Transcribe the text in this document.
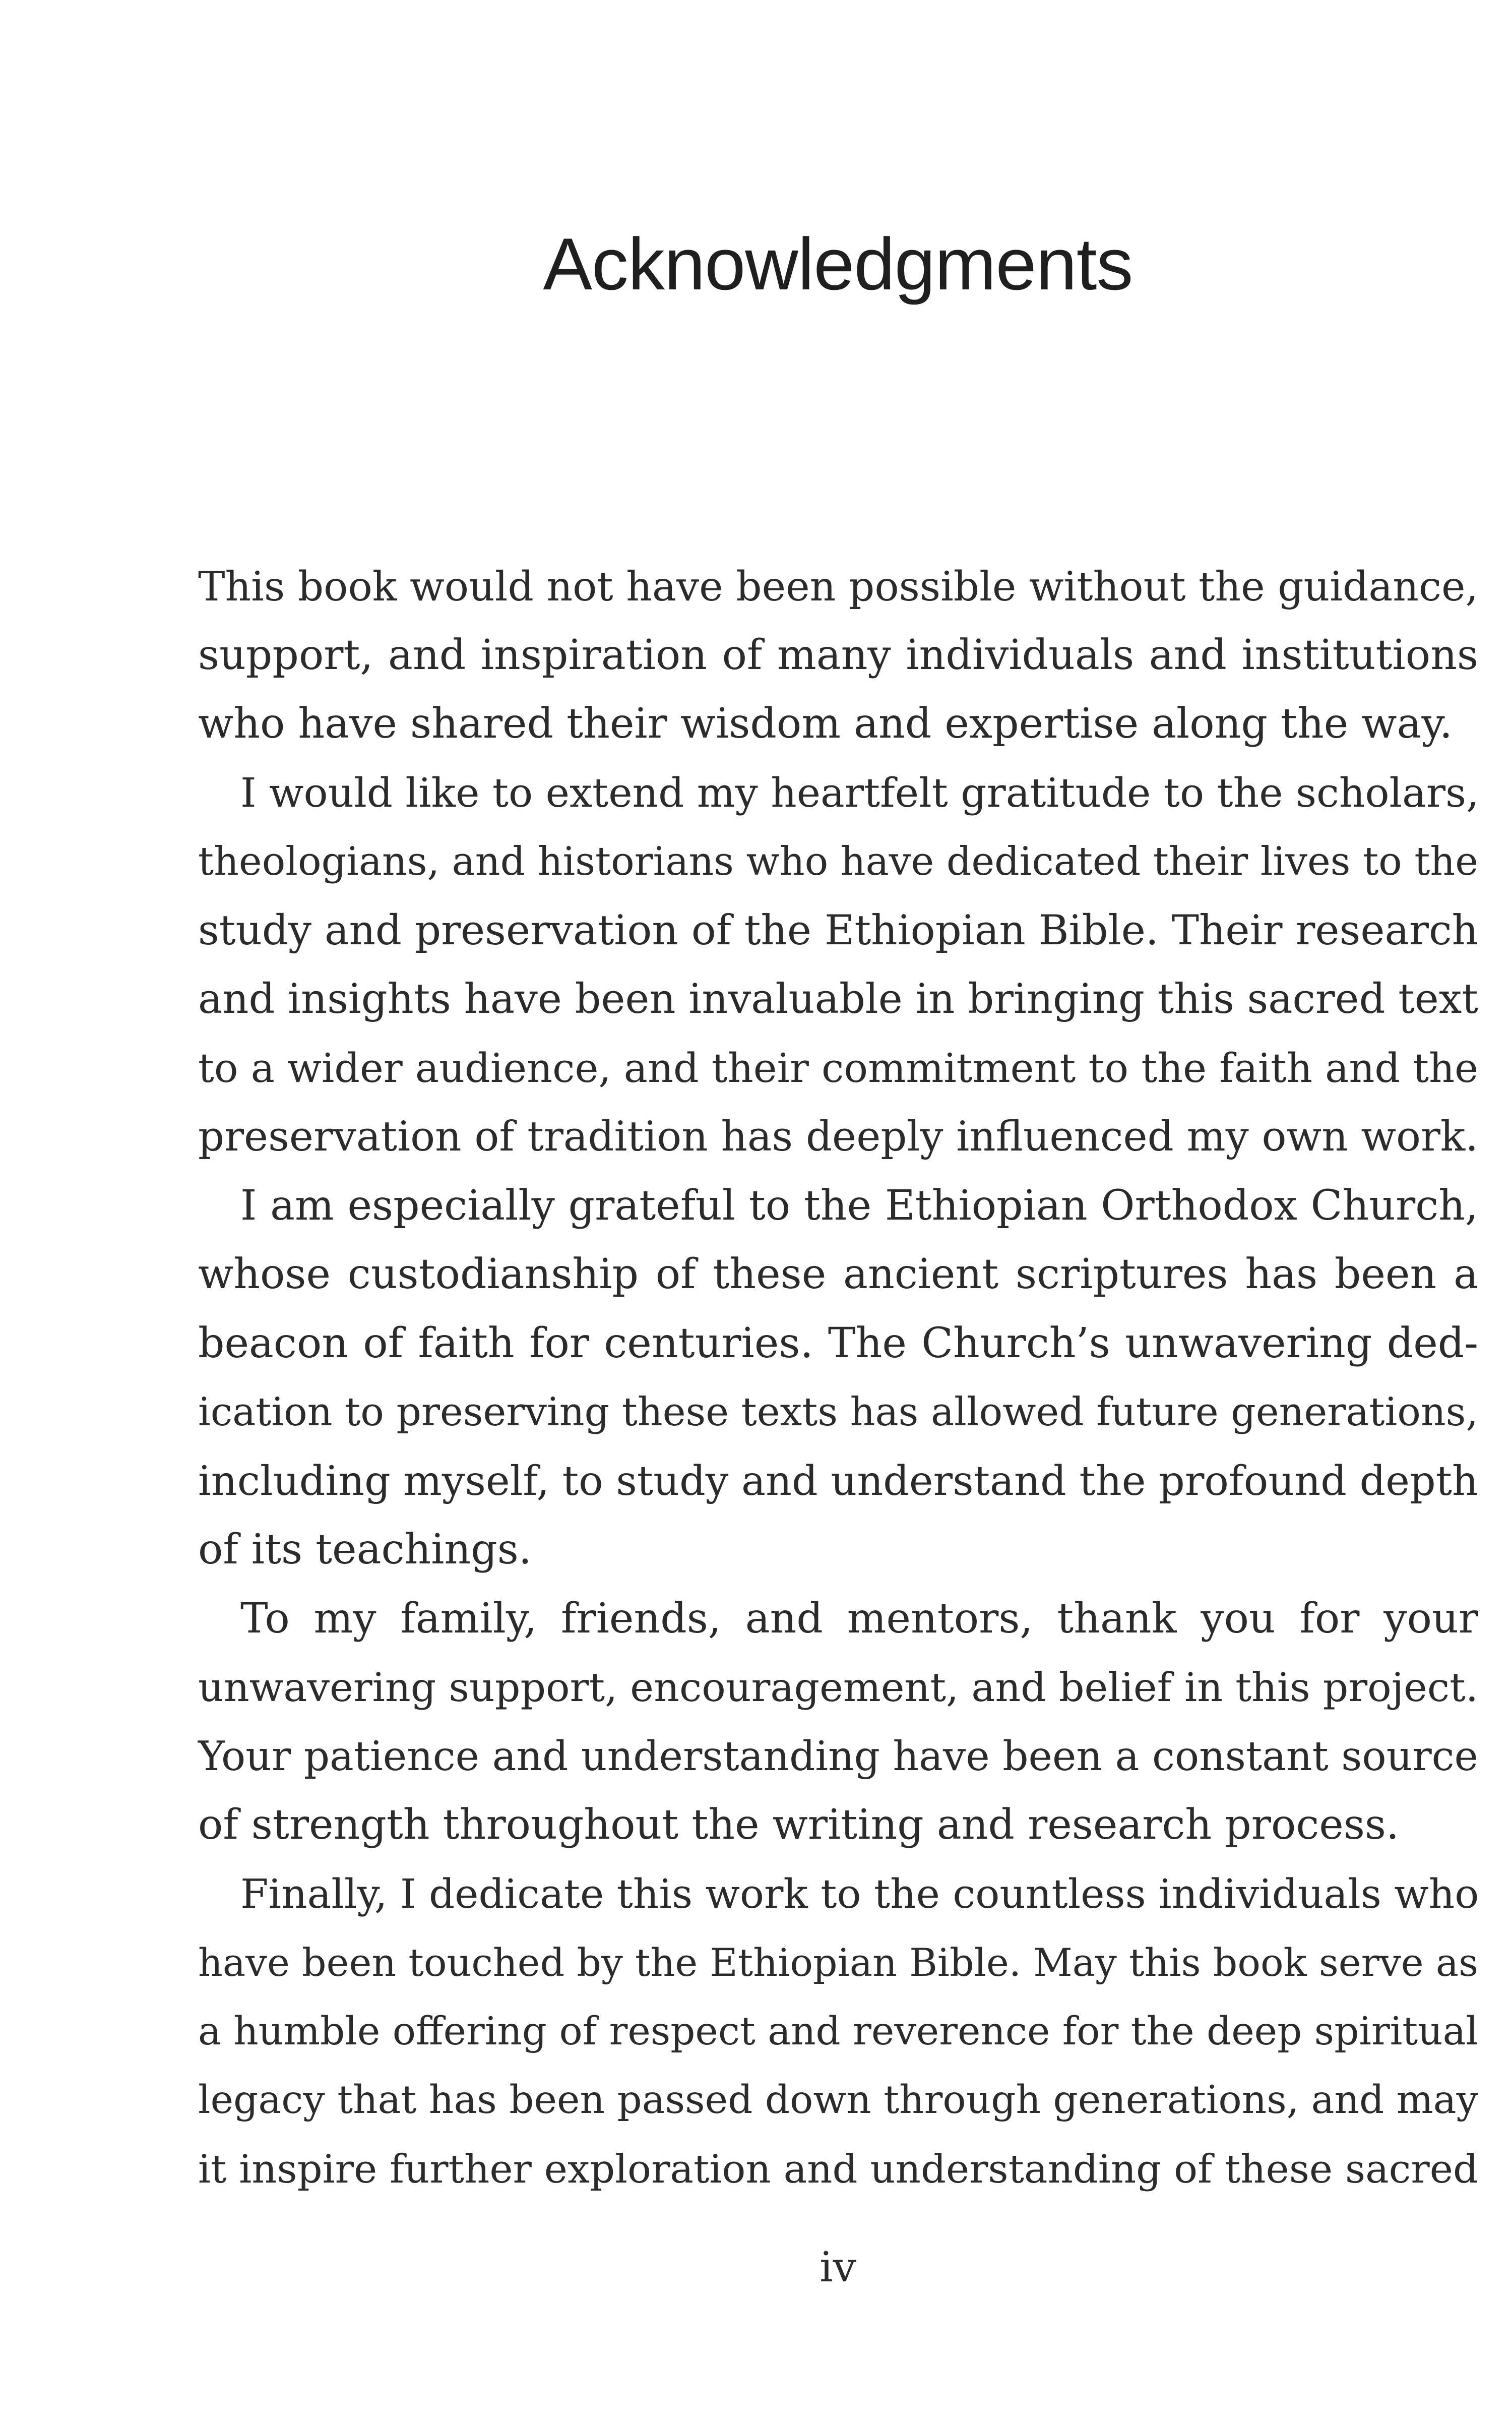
Acknowledgments
This book would not have been possible without the guidance,
support, and inspiration of many individuals and institutions
who have shared their wisdom and expertise along the way.
I would like to extend my heartfelt gratitude to the scholars,
theologians, and historians who have dedicated their lives to the
study and preservation of the Ethiopian Bible. Their research
and insights have been invaluable in bringing this sacred text
to a wider audience, and their commitment to the faith and the
preservation of tradition has deeply influenced my own work.
I am especially grateful to the Ethiopian Orthodox Church,
whose custodianship of these ancient scriptures has been a
beacon of faith for centuries. The Church’s unwavering ded-
ication to preserving these texts has allowed future generations,
including myself, to study and understand the profound depth
of its teachings.
To my family, friends, and mentors, thank you for your
unwavering support, encouragement, and belief in this project.
Your patience and understanding have been a constant source
of strength throughout the writing and research process.
Finally, I dedicate this work to the countless individuals who
have been touched by the Ethiopian Bible. May this book serve as
a humble offering of respect and reverence for the deep spiritual
legacy that has been passed down through generations, and may
it inspire further exploration and understanding of these sacred
iv
